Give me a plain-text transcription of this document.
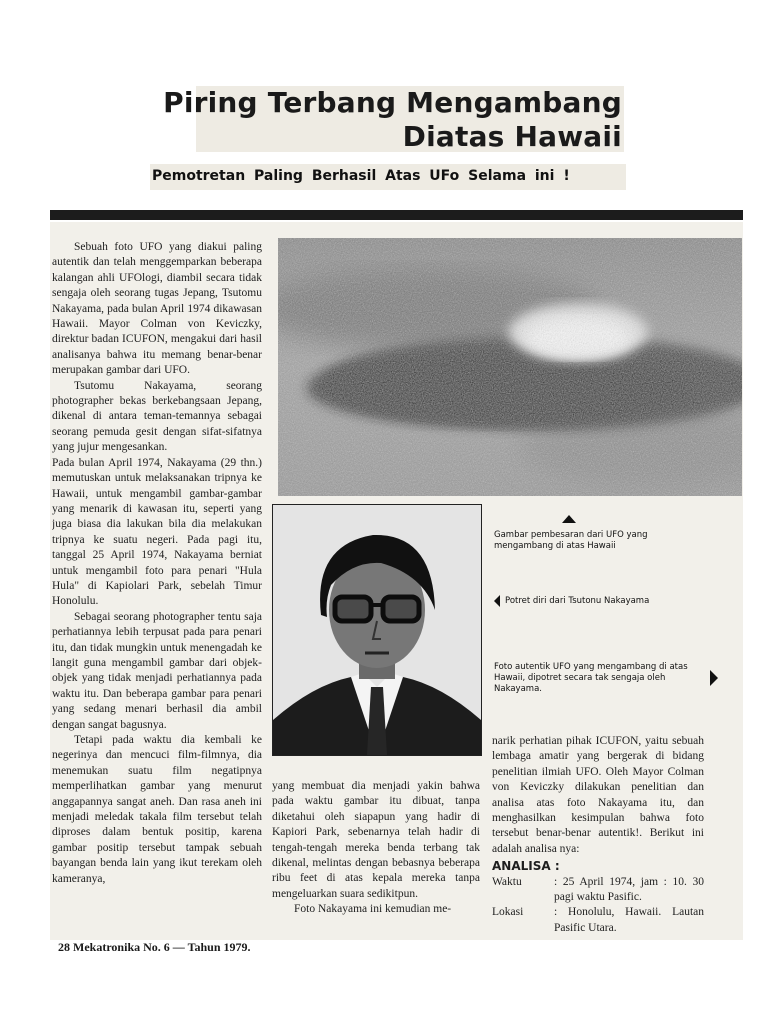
Piring Terbang Mengambang
Diatas Hawaii
Pemotretan Paling Berhasil Atas UFo Selama ini !

Sebuah foto UFO yang diakui paling autentik dan telah menggemparkan beberapa kalangan ahli UFOlogi, diambil secara tidak sengaja oleh seorang tugas Jepang, Tsutomu Nakayama, pada bulan April 1974 dikawasan Hawaii. Mayor Colman von Keviczky, direktur badan ICUFON, mengakui dari hasil analisanya bahwa itu memang benar-benar merupakan gambar dari UFO.

Tsutomu Nakayama, seorang photographer bekas berkebangsaan Jepang, dikenal di antara teman-temannya sebagai seorang pemuda gesit dengan sifat-sifatnya yang jujur mengesankan.

Pada bulan April 1974, Nakayama (29 thn.) memutuskan untuk melaksanakan tripnya ke Hawaii, untuk mengambil gambar-gambar yang menarik di kawasan itu, seperti yang juga biasa dia lakukan bila dia melakukan tripnya ke suatu negeri. Pada pagi itu, tanggal 25 April 1974, Nakayama berniat untuk mengambil foto para penari "Hula Hula" di Kapiolari Park, sebelah Timur Honolulu.

Sebagai seorang photographer tentu saja perhatiannya lebih terpusat pada para penari itu, dan tidak mungkin untuk menengadah ke langit guna mengambil gambar dari objek-objek yang tidak menjadi perhatiannya pada waktu itu. Dan beberapa gambar para penari yang sedang menari berhasil dia ambil dengan sangat bagusnya.

Tetapi pada waktu dia kembali ke negerinya dan mencuci film-filmnya, dia menemukan suatu film negatipnya memperlihatkan gambar yang menurut anggapannya sangat aneh. Dan rasa aneh ini menjadi meledak takala film tersebut telah diproses dalam bentuk positip, karena gambar positip tersebut tampak sebuah bayangan benda lain yang ikut terekam oleh kameranya,

Gambar pembesaran dari UFO yang mengambang di atas Hawaii
Potret diri dari Tsutonu Nakayama
Foto autentik UFO yang mengambang di atas Hawaii, dipotret secara tak sengaja oleh Nakayama.

yang membuat dia menjadi yakin bahwa pada waktu gambar itu dibuat, tanpa diketahui oleh siapapun yang hadir di Kapiori Park, sebenarnya telah hadir di tengah-tengah mereka benda terbang tak dikenal, melintas dengan bebasnya beberapa ribu feet di atas kepala mereka tanpa mengeluarkan suara sedikitpun.

Foto Nakayama ini kemudian me-

narik perhatian pihak ICUFON, yaitu sebuah lembaga amatir yang bergerak di bidang penelitian ilmiah UFO. Oleh Mayor Colman von Keviczky dilakukan penelitian dan analisa atas foto Nakayama itu, dan menghasilkan kesimpulan bahwa foto tersebut benar-benar autentik!. Berikut ini adalah analisa nya:

ANALISA :
Waktu	: 25 April 1974, jam : 10. 30 pagi waktu Pasific.
Lokasi	: Honolulu, Hawaii. Lautan Pasific Utara.
28 Mekatronika No. 6 — Tahun 1979.
